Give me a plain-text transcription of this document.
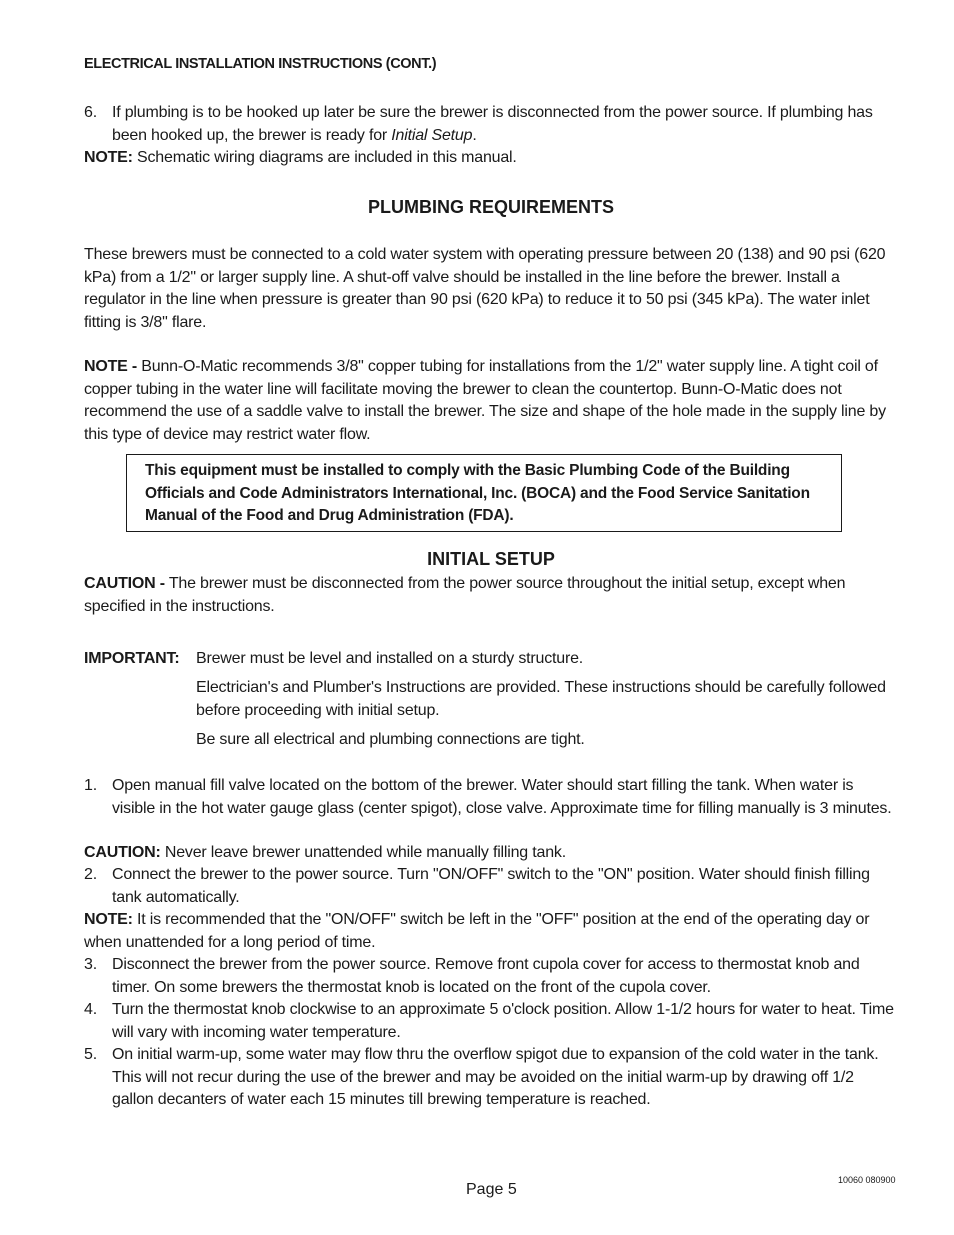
ELECTRICAL INSTALLATION INSTRUCTIONS (CONT.)
6. If plumbing is to be hooked up later be sure the brewer is disconnected from the power source. If plumbing has been hooked up, the brewer is ready for Initial Setup.

NOTE: Schematic wiring diagrams are included in this manual.
PLUMBING REQUIREMENTS

These brewers must be connected to a cold water system with operating pressure between 20 (138) and 90 psi (620 kPa) from a 1/2" or larger supply line. A shut-off valve should be installed in the line before the brewer. Install a regulator in the line when pressure is greater than 90 psi (620 kPa) to reduce it to 50 psi (345 kPa). The water inlet fitting is 3/8" flare.

NOTE - Bunn-O-Matic recommends 3/8" copper tubing for installations from the 1/2" water supply line. A tight coil of copper tubing in the water line will facilitate moving the brewer to clean the countertop. Bunn-O-Matic does not recommend the use of a saddle valve to install the brewer. The size and shape of the hole made in the supply line by this type of device may restrict water flow.
This equipment must be installed to comply with the Basic Plumbing Code of the Building Officials and Code Administrators International, Inc. (BOCA) and the Food Service Sanitation Manual of the Food and Drug Administration (FDA).
INITIAL SETUP
CAUTION - The brewer must be disconnected from the power source throughout the initial setup, except when specified in the instructions.
IMPORTANT: Brewer must be level and installed on a sturdy structure.

Electrician's and Plumber's Instructions are provided. These instructions should be carefully followed before proceeding with initial setup.

Be sure all electrical and plumbing connections are tight.

1. Open manual fill valve located on the bottom of the brewer. Water should start filling the tank. When water is visible in the hot water gauge glass (center spigot), close valve. Approximate time for filling manually is 3 minutes.

CAUTION: Never leave brewer unattended while manually filling tank.
2. Connect the brewer to the power source. Turn "ON/OFF" switch to the "ON" position. Water should finish filling tank automatically.

NOTE: It is recommended that the "ON/OFF" switch be left in the "OFF" position at the end of the operating day or when unattended for a long period of time.
3. Disconnect the brewer from the power source. Remove front cupola cover for access to thermostat knob and timer. On some brewers the thermostat knob is located on the front of the cupola cover.

4. Turn the thermostat knob clockwise to an approximate 5 o'clock position. Allow 1-1/2 hours for water to heat. Time will vary with incoming water temperature.

5. On initial warm-up, some water may flow thru the overflow spigot due to expansion of the cold water in the tank. This will not recur during the use of the brewer and may be avoided on the initial warm-up by drawing off 1/2 gallon decanters of water each 15 minutes till brewing temperature is reached.

Page 5
10060 080900
